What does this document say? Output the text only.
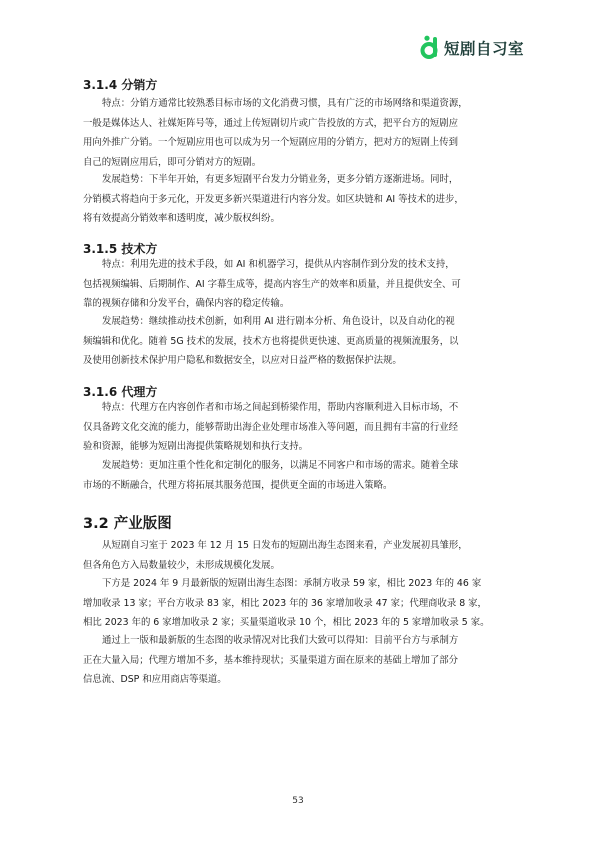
短剧自习室
3.1.4 分销方
特点：分销方通常比较熟悉目标市场的文化消费习惯，具有广泛的市场网络和渠道资源，
一般是媒体达人、社媒矩阵号等，通过上传短剧切片或广告投放的方式，把平台方的短剧应
用向外推广分销。一个短剧应用也可以成为另一个短剧应用的分销方，把对方的短剧上传到
自己的短剧应用后，即可分销对方的短剧。
发展趋势：下半年开始，有更多短剧平台发力分销业务，更多分销方逐渐进场。同时，
分销模式将趋向于多元化，开发更多新兴渠道进行内容分发。如区块链和 AI 等技术的进步，
将有效提高分销效率和透明度，减少版权纠纷。
3.1.5 技术方
特点：利用先进的技术手段，如 AI 和机器学习，提供从内容制作到分发的技术支持，
包括视频编辑、后期制作、AI 字幕生成等，提高内容生产的效率和质量，并且提供安全、可
靠的视频存储和分发平台，确保内容的稳定传输。
发展趋势：继续推动技术创新，如利用 AI 进行剧本分析、角色设计，以及自动化的视
频编辑和优化。随着 5G 技术的发展，技术方也将提供更快速、更高质量的视频流服务，以
及使用创新技术保护用户隐私和数据安全，以应对日益严格的数据保护法规。
3.1.6 代理方
特点：代理方在内容创作者和市场之间起到桥梁作用，帮助内容顺利进入目标市场，不
仅具备跨文化交流的能力，能够帮助出海企业处理市场准入等问题，而且拥有丰富的行业经
验和资源，能够为短剧出海提供策略规划和执行支持。
发展趋势：更加注重个性化和定制化的服务，以满足不同客户和市场的需求。随着全球
市场的不断融合，代理方将拓展其服务范围，提供更全面的市场进入策略。
3.2 产业版图
从短剧自习室于 2023 年 12 月 15 日发布的短剧出海生态图来看，产业发展初具雏形，
但各角色方入局数量较少，未形成规模化发展。
下方是 2024 年 9 月最新版的短剧出海生态图：承制方收录 59 家，相比 2023 年的 46 家
增加收录 13 家；平台方收录 83 家，相比 2023 年的 36 家增加收录 47 家；代理商收录 8 家，
相比 2023 年的 6 家增加收录 2 家；买量渠道收录 10 个，相比 2023 年的 5 家增加收录 5 家。
通过上一版和最新版的生态图的收录情况对比我们大致可以得知：目前平台方与承制方
正在大量入局；代理方增加不多，基本维持现状；买量渠道方面在原来的基础上增加了部分
信息流、DSP 和应用商店等渠道。
53
